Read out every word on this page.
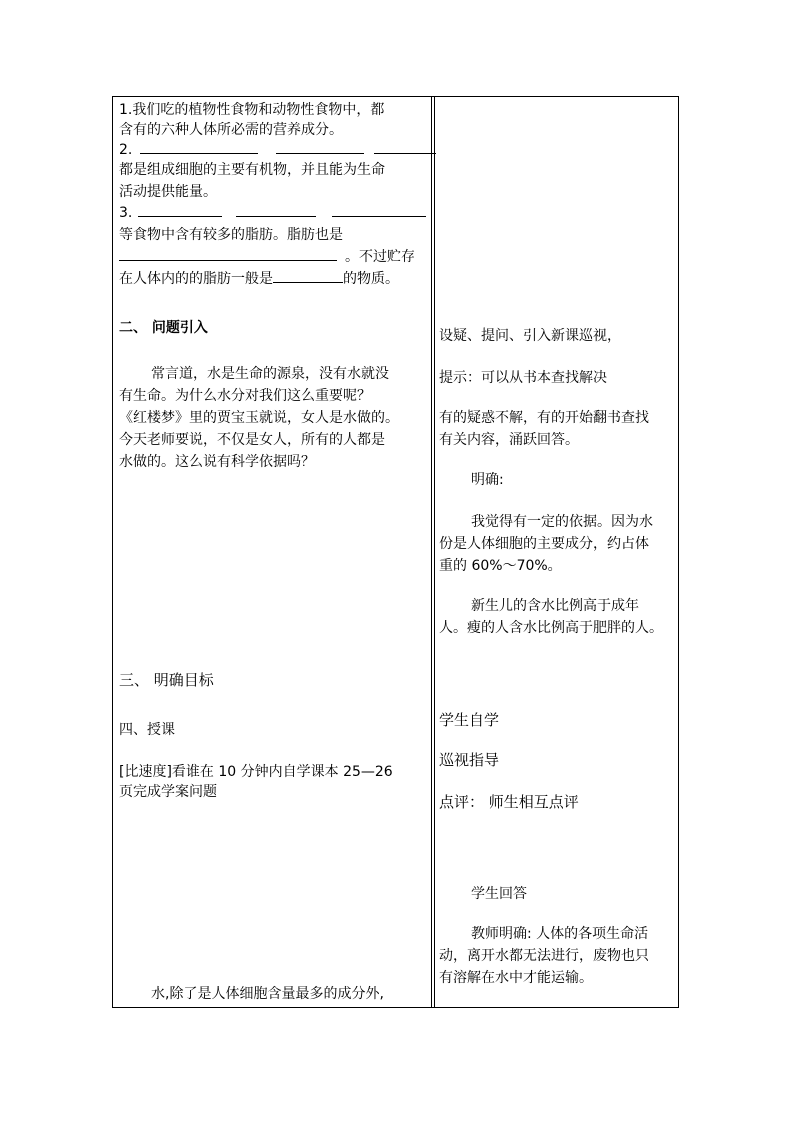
1.我们吃的植物性食物和动物性食物中，都
含有的六种人体所必需的营养成分。
2.
都是组成细胞的主要有机物，并且能为生命
活动提供能量。
3.
等食物中含有较多的脂肪。脂肪也是
。不过贮存
在人体内的的脂肪一般是	的物质。
二、 问题引入
常言道，水是生命的源泉，没有水就没
有生命。为什么水分对我们这么重要呢？
《红楼梦》里的贾宝玉就说，女人是水做的。
今天老师要说，不仅是女人，所有的人都是
水做的。这么说有科学依据吗？
三、 明确目标
四、授课
[比速度]看谁在 10 分钟内自学课本 25—26
页完成学案问题
水,除了是人体细胞含量最多的成分外,
设疑、提问、引入新课巡视，
提示：可以从书本查找解决
有的疑惑不解，有的开始翻书查找
有关内容，涌跃回答。
明确:
我觉得有一定的依据。因为水
份是人体细胞的主要成分，约占体
重的 60%～70%。
新生儿的含水比例高于成年
人。瘦的人含水比例高于肥胖的人。
学生自学
巡视指导
点评： 师生相互点评
学生回答
教师明确: 人体的各项生命活
动，离开水都无法进行，废物也只
有溶解在水中才能运输。
